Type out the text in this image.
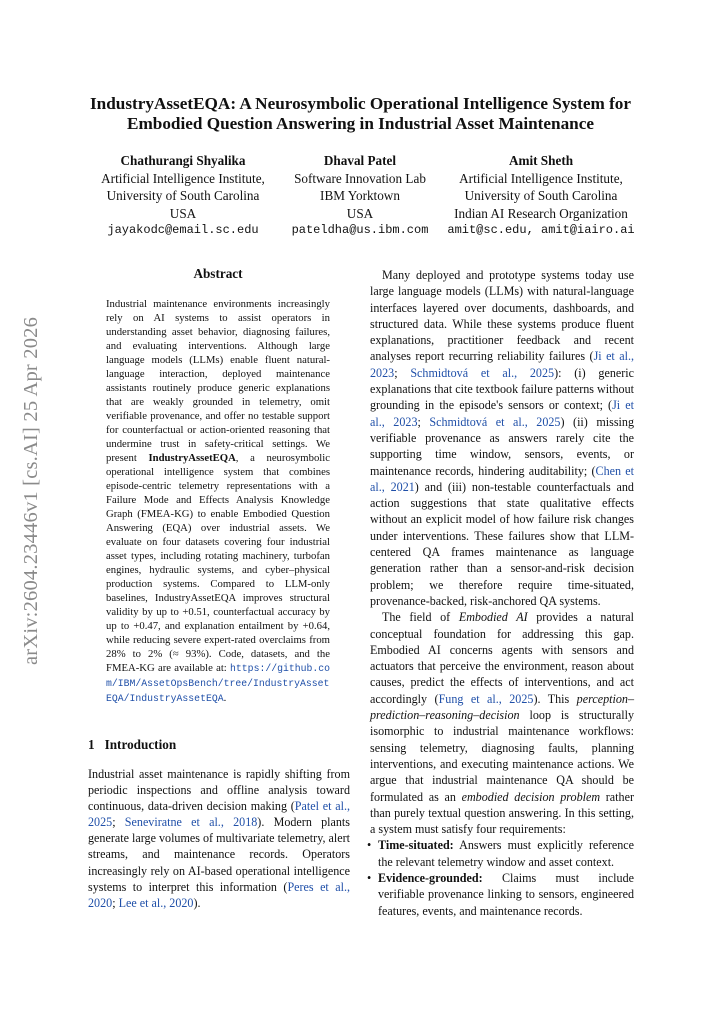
arXiv:2604.23446v1 [cs.AI] 25 Apr 2026
IndustryAssetEQA: A Neurosymbolic Operational Intelligence System for Embodied Question Answering in Industrial Asset Maintenance
Chathurangi Shyalika
Artificial Intelligence Institute,
University of South Carolina
USA
jayakodc@email.sc.edu
Dhaval Patel
Software Innovation Lab
IBM Yorktown
USA
pateldha@us.ibm.com
Amit Sheth
Artificial Intelligence Institute,
University of South Carolina
Indian AI Research Organization
amit@sc.edu, amit@iairo.ai
Abstract
Industrial maintenance environments increasingly rely on AI systems to assist operators in understanding asset behavior, diagnosing failures, and evaluating interventions. Although large language models (LLMs) enable fluent natural-language interaction, deployed maintenance assistants routinely produce generic explanations that are weakly grounded in telemetry, omit verifiable provenance, and offer no testable support for counterfactual or action-oriented reasoning that undermine trust in safety-critical settings. We present IndustryAssetEQA, a neurosymbolic operational intelligence system that combines episode-centric telemetry representations with a Failure Mode and Effects Analysis Knowledge Graph (FMEA-KG) to enable Embodied Question Answering (EQA) over industrial assets. We evaluate on four datasets covering four industrial asset types, including rotating machinery, turbofan engines, hydraulic systems, and cyber–physical production systems. Compared to LLM-only baselines, IndustryAssetEQA improves structural validity by up to +0.51, counterfactual accuracy by up to +0.47, and explanation entailment by +0.64, while reducing severe expert-rated overclaims from 28% to 2% (≈ 93%). Code, datasets, and the FMEA-KG are available at: https://github.com/IBM/AssetOpsBench/tree/IndustryAssetEQA/IndustryAssetEQA.
1 Introduction
Industrial asset maintenance is rapidly shifting from periodic inspections and offline analysis toward continuous, data-driven decision making (Patel et al., 2025; Seneviratne et al., 2018). Modern plants generate large volumes of multivariate telemetry, alert streams, and maintenance records. Operators increasingly rely on AI-based operational intelligence systems to interpret this information (Peres et al., 2020; Lee et al., 2020).

Many deployed and prototype systems today use large language models (LLMs) with natural-language interfaces layered over documents, dashboards, and structured data. While these systems produce fluent explanations, practitioner feedback and recent analyses report recurring reliability failures (Ji et al., 2023; Schmidtová et al., 2025): (i) generic explanations that cite textbook failure patterns without grounding in the episode's sensors or context; (Ji et al., 2023; Schmidtová et al., 2025) (ii) missing verifiable provenance as answers rarely cite the supporting time window, sensors, events, or maintenance records, hindering auditability; (Chen et al., 2021) and (iii) non-testable counterfactuals and action suggestions that state qualitative effects without an explicit model of how failure risk changes under interventions. These failures show that LLM-centered QA frames maintenance as language generation rather than a sensor-and-risk decision problem; we therefore require time-situated, provenance-backed, risk-anchored QA systems.

The field of Embodied AI provides a natural conceptual foundation for addressing this gap. Embodied AI concerns agents with sensors and actuators that perceive the environment, reason about causes, predict the effects of interventions, and act accordingly (Fung et al., 2025). This perception–prediction–reasoning–decision loop is structurally isomorphic to industrial maintenance workflows: sensing telemetry, diagnosing faults, planning interventions, and executing maintenance actions. We argue that industrial maintenance QA should be formulated as an embodied decision problem rather than purely textual question answering. In this setting, a system must satisfy four requirements:

• Time-situated: Answers must explicitly reference the relevant telemetry window and asset context.
• Evidence-grounded: Claims must include verifiable provenance linking to sensors, engineered features, events, and maintenance records.
